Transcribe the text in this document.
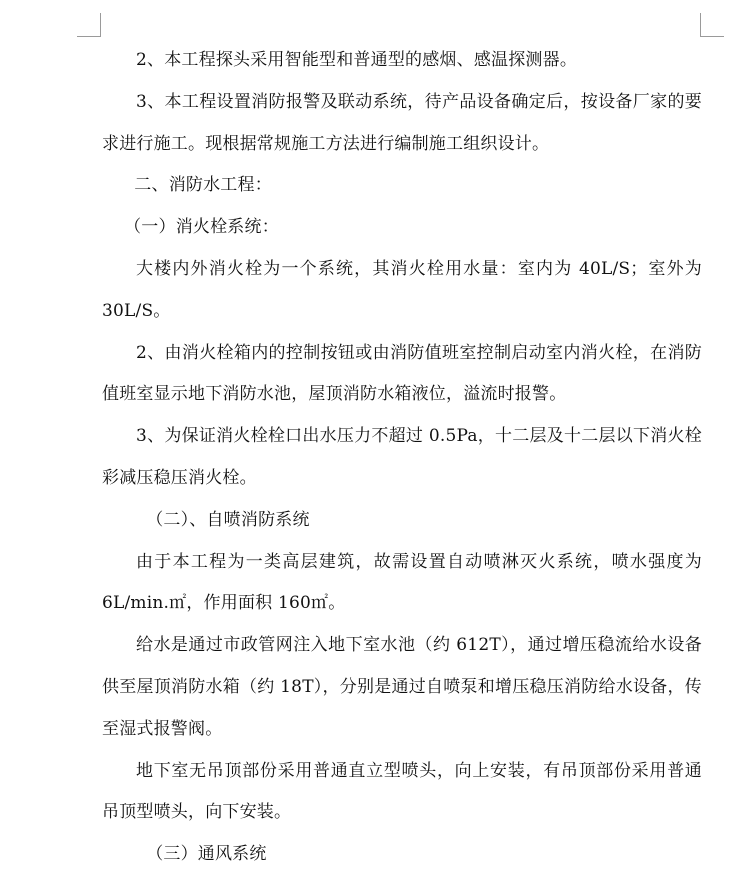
2、本工程探头采用智能型和普通型的感烟、感温探测器。

3、本工程设置消防报警及联动系统，待产品设备确定后，按设备厂家的要求进行施工。现根据常规施工方法进行编制施工组织设计。

二、消防水工程：

（一）消火栓系统：

大楼内外消火栓为一个系统，其消火栓用水量：室内为 40L/S；室外为 30L/S。

2、由消火栓箱内的控制按钮或由消防值班室控制启动室内消火栓，在消防值班室显示地下消防水池，屋顶消防水箱液位，溢流时报警。

3、为保证消火栓栓口出水压力不超过 0.5Pa，十二层及十二层以下消火栓彩减压稳压消火栓。

（二）、自喷消防系统

由于本工程为一类高层建筑，故需设置自动喷淋灭火系统，喷水强度为 6L/min.㎡，作用面积 160㎡。

给水是通过市政管网注入地下室水池（约 612T），通过增压稳流给水设备供至屋顶消防水箱（约 18T），分别是通过自喷泵和增压稳压消防给水设备，传至湿式报警阀。

地下室无吊顶部份采用普通直立型喷头，向上安装，有吊顶部份采用普通吊顶型喷头，向下安装。

（三）通风系统
